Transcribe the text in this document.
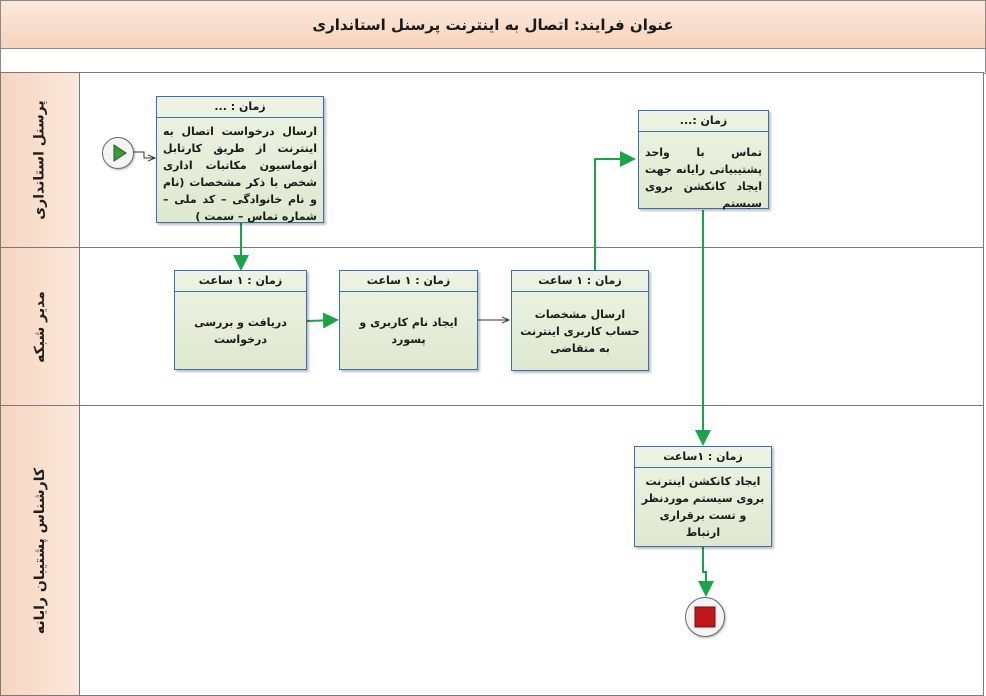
عنوان فرایند: اتصال به اینترنت پرسنل استانداری
پرسنل استانداری
مدیر شبکه
کارشناس پشتیبان رایانه
زمان : ...
ارسال درخواست اتصال به اینترنت از طریق کارتابل اتوماسیون مکاتبات اداری شخص با ذکر مشخصات (نام و نام خانوادگی – کد ملی – شماره تماس – سمت )
زمان :...
تماس با واحد پشتیبیاتی رایانه جهت ایجاد کانکشن بروی سیستم
زمان : ۱ ساعت
دریافت و بررسی درخواست
زمان : ۱ ساعت
ایجاد نام کاربری و پسورد
زمان : ۱ ساعت
ارسال مشخصات حساب کاربری اینترنت به متقاضی
زمان : ۱ساعت
ایجاد کانکشن اینترنت بروی سیستم موردنظر و تست برقراری ارتباط
